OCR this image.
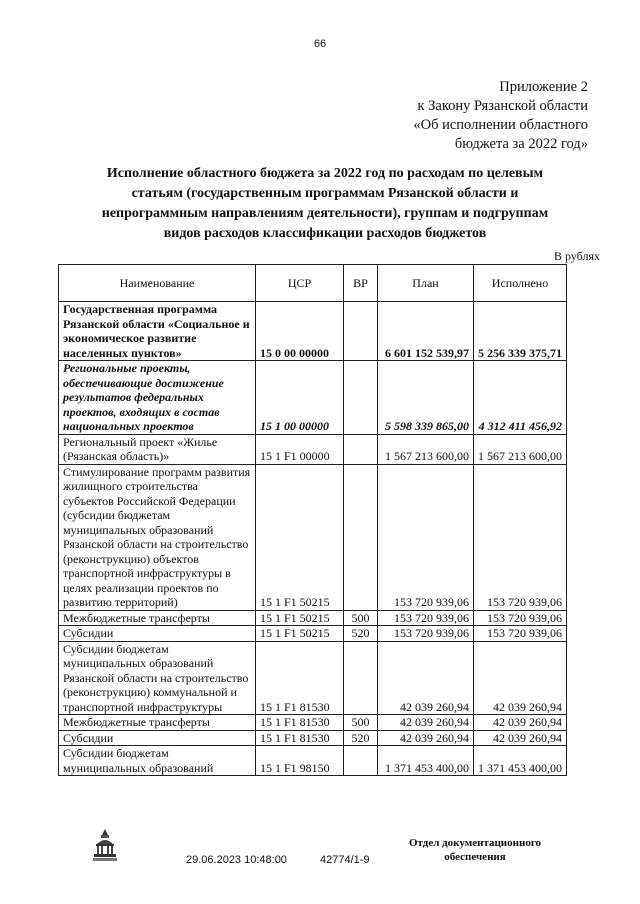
66
Приложение 2
к Закону Рязанской области
«Об исполнении областного
бюджета за 2022 год»
Исполнение областного бюджета за 2022 год по расходам по целевым
статьям (государственным программам Рязанской области и
непрограммным направлениям деятельности), группам и подгруппам
видов расходов классификации расходов бюджетов
В рублях
Наименование	ЦСР	ВР	План	Исполнено
Государственная программа Рязанской области «Социальное и экономическое развитие населенных пунктов»	15 0 00 00000		6 601 152 539,97	5 256 339 375,71
Региональные проекты, обеспечивающие достижение результатов федеральных проектов, входящих в состав национальных проектов	15 1 00 00000		5 598 339 865,00	4 312 411 456,92
Региональный проект «Жилье (Рязанская область)»	15 1 F1 00000		1 567 213 600,00	1 567 213 600,00
Стимулирование программ развития жилищного строительства субъектов Российской Федерации (субсидии бюджетам муниципальных образований Рязанской области на строительство (реконструкцию) объектов транспортной инфраструктуры в целях реализации проектов по развитию территорий)	15 1 F1 50215		153 720 939,06	153 720 939,06
Межбюджетные трансферты	15 1 F1 50215	500	153 720 939,06	153 720 939,06
Субсидии	15 1 F1 50215	520	153 720 939,06	153 720 939,06
Субсидии бюджетам муниципальных образований Рязанской области на строительство (реконструкцию) коммунальной и транспортной инфраструктуры	15 1 F1 81530		42 039 260,94	42 039 260,94
Межбюджетные трансферты	15 1 F1 81530	500	42 039 260,94	42 039 260,94
Субсидии	15 1 F1 81530	520	42 039 260,94	42 039 260,94
Субсидии бюджетам муниципальных образований	15 1 F1 98150		1 371 453 400,00	1 371 453 400,00
29.06.2023 10:48:00	42774/1-9
Отдел документационного
обеспечения
